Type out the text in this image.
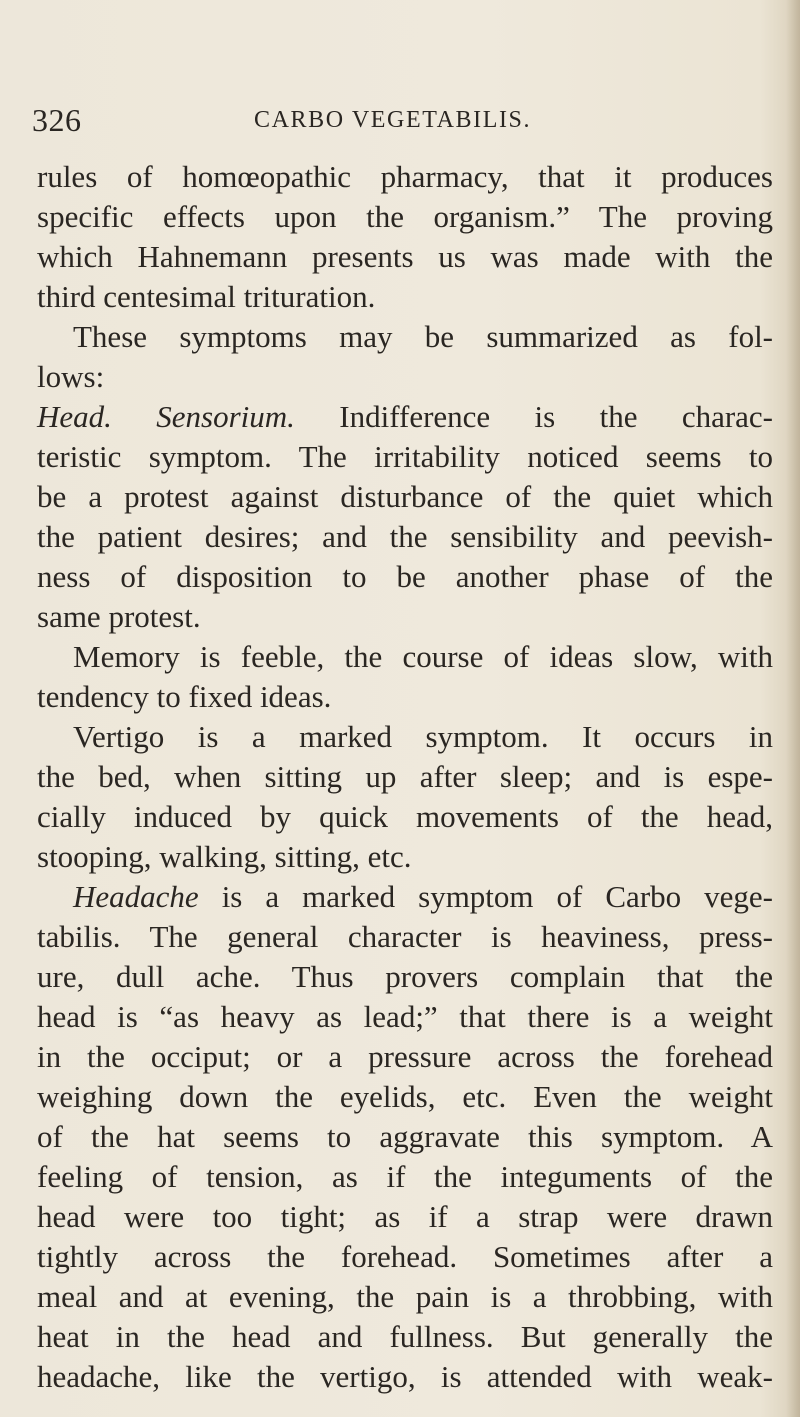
326	CARBO VEGETABILIS.
rules of homœopathic pharmacy, that it produces
specific effects upon the organism.” The proving
which Hahnemann presents us was made with the
third centesimal trituration.
These symptoms may be summarized as fol-
lows:
Head. Sensorium. Indifference is the charac-
teristic symptom. The irritability noticed seems to
be a protest against disturbance of the quiet which
the patient desires; and the sensibility and peevish-
ness of disposition to be another phase of the
same protest.
Memory is feeble, the course of ideas slow, with
tendency to fixed ideas.
Vertigo is a marked symptom. It occurs in
the bed, when sitting up after sleep; and is espe-
cially induced by quick movements of the head,
stooping, walking, sitting, etc.
Headache is a marked symptom of Carbo vege-
tabilis. The general character is heaviness, press-
ure, dull ache. Thus provers complain that the
head is “as heavy as lead;” that there is a weight
in the occiput; or a pressure across the forehead
weighing down the eyelids, etc. Even the weight
of the hat seems to aggravate this symptom. A
feeling of tension, as if the integuments of the
head were too tight; as if a strap were drawn
tightly across the forehead. Sometimes after a
meal and at evening, the pain is a throbbing, with
heat in the head and fullness. But generally the
headache, like the vertigo, is attended with weak-
